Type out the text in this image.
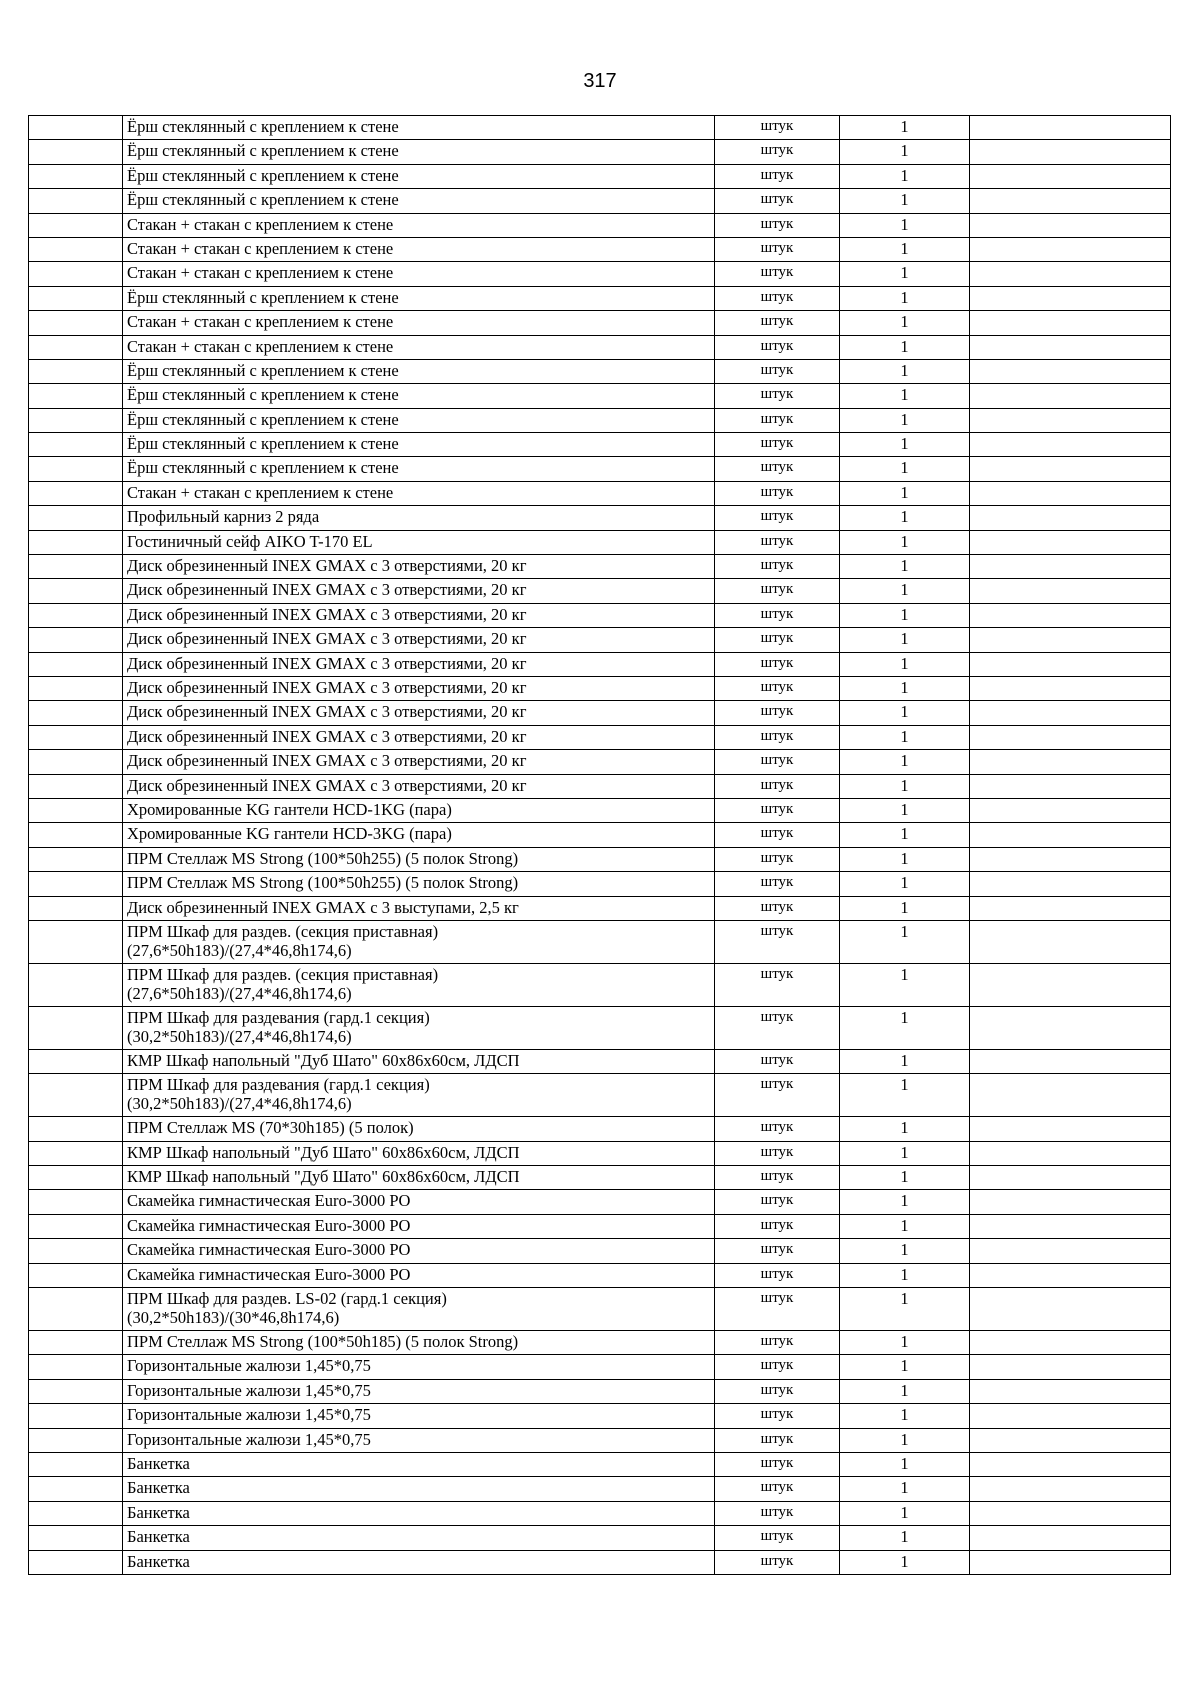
317
	Ёрш стеклянный с креплением к стене	штук	1	
	Ёрш стеклянный с креплением к стене	штук	1	
	Ёрш стеклянный с креплением к стене	штук	1	
	Ёрш стеклянный с креплением к стене	штук	1	
	Стакан + стакан с креплением к стене	штук	1	
	Стакан + стакан с креплением к стене	штук	1	
	Стакан + стакан с креплением к стене	штук	1	
	Ёрш стеклянный с креплением к стене	штук	1	
	Стакан + стакан с креплением к стене	штук	1	
	Стакан + стакан с креплением к стене	штук	1	
	Ёрш стеклянный с креплением к стене	штук	1	
	Ёрш стеклянный с креплением к стене	штук	1	
	Ёрш стеклянный с креплением к стене	штук	1	
	Ёрш стеклянный с креплением к стене	штук	1	
	Ёрш стеклянный с креплением к стене	штук	1	
	Стакан + стакан с креплением к стене	штук	1	
	Профильный карниз 2 ряда	штук	1	
	Гостиничный сейф AIKO T-170 EL	штук	1	
	Диск обрезиненный INEX GMAX с 3 отверстиями, 20 кг	штук	1	
	Диск обрезиненный INEX GMAX с 3 отверстиями, 20 кг	штук	1	
	Диск обрезиненный INEX GMAX с 3 отверстиями, 20 кг	штук	1	
	Диск обрезиненный INEX GMAX с 3 отверстиями, 20 кг	штук	1	
	Диск обрезиненный INEX GMAX с 3 отверстиями, 20 кг	штук	1	
	Диск обрезиненный INEX GMAX с 3 отверстиями, 20 кг	штук	1	
	Диск обрезиненный INEX GMAX с 3 отверстиями, 20 кг	штук	1	
	Диск обрезиненный INEX GMAX с 3 отверстиями, 20 кг	штук	1	
	Диск обрезиненный INEX GMAX с 3 отверстиями, 20 кг	штук	1	
	Диск обрезиненный INEX GMAX с 3 отверстиями, 20 кг	штук	1	
	Хромированные KG гантели HCD-1KG (пара)	штук	1	
	Хромированные KG гантели HCD-3KG (пара)	штук	1	
	ПРМ Стеллаж MS Strong (100*50h255) (5 полок Strong)	штук	1	
	ПРМ Стеллаж MS Strong (100*50h255) (5 полок Strong)	штук	1	
	Диск обрезиненный INEX GMAX с 3 выступами, 2,5 кг	штук	1	
	ПРМ Шкаф для раздев. (секция приставная)
(27,6*50h183)/(27,4*46,8h174,6)	штук	1	
	ПРМ Шкаф для раздев. (секция приставная)
(27,6*50h183)/(27,4*46,8h174,6)	штук	1	
	ПРМ Шкаф для раздевания (гард.1 секция)
(30,2*50h183)/(27,4*46,8h174,6)	штук	1	
	КМР Шкаф напольный "Дуб Шато" 60х86х60см, ЛДСП	штук	1	
	ПРМ Шкаф для раздевания (гард.1 секция)
(30,2*50h183)/(27,4*46,8h174,6)	штук	1	
	ПРМ Стеллаж MS (70*30h185) (5 полок)	штук	1	
	КМР Шкаф напольный "Дуб Шато" 60х86х60см, ЛДСП	штук	1	
	КМР Шкаф напольный "Дуб Шато" 60х86х60см, ЛДСП	штук	1	
	Скамейка гимнастическая Euro-3000 PO	штук	1	
	Скамейка гимнастическая Euro-3000 PO	штук	1	
	Скамейка гимнастическая Euro-3000 PO	штук	1	
	Скамейка гимнастическая Euro-3000 PO	штук	1	
	ПРМ Шкаф для раздев. LS-02 (гард.1 секция)
(30,2*50h183)/(30*46,8h174,6)	штук	1	
	ПРМ Стеллаж MS Strong (100*50h185) (5 полок Strong)	штук	1	
	Горизонтальные жалюзи 1,45*0,75	штук	1	
	Горизонтальные жалюзи 1,45*0,75	штук	1	
	Горизонтальные жалюзи 1,45*0,75	штук	1	
	Горизонтальные жалюзи 1,45*0,75	штук	1	
	Банкетка	штук	1	
	Банкетка	штук	1	
	Банкетка	штук	1	
	Банкетка	штук	1	
	Банкетка	штук	1	
